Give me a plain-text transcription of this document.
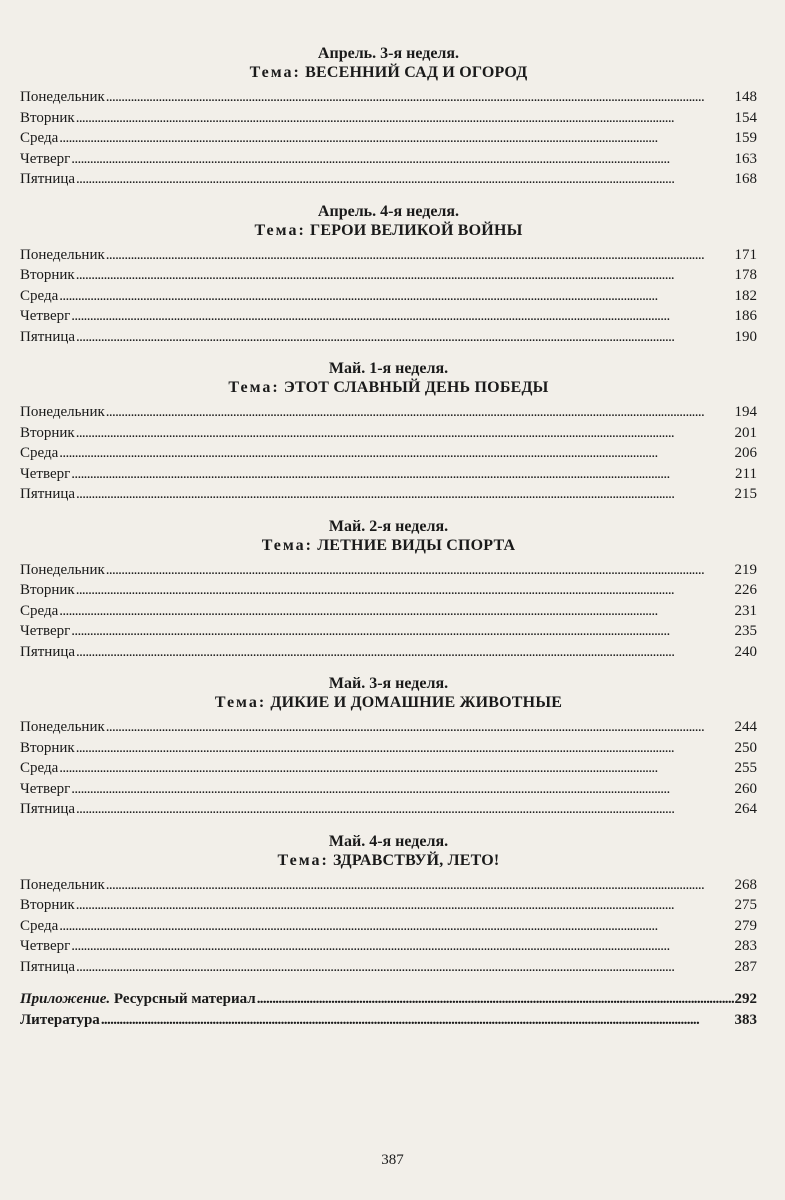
Апрель. 3-я неделя.
Тема: ВЕСЕННИЙ САД И ОГОРОД
Понедельник . . .	148
Вторник . . .	154
Среда . . .	159
Четверг . . .	163
Пятница . . .	168
Апрель. 4-я неделя.
Тема: ГЕРОИ ВЕЛИКОЙ ВОЙНЫ
Понедельник . . .	171
Вторник . . .	178
Среда . . .	182
Четверг . . .	186
Пятница . . .	190
Май. 1-я неделя.
Тема: ЭТОТ СЛАВНЫЙ ДЕНЬ ПОБЕДЫ
Понедельник . . .	194
Вторник . . .	201
Среда . . .	206
Четверг . . .	211
Пятница . . .	215
Май. 2-я неделя.
Тема: ЛЕТНИЕ ВИДЫ СПОРТА
Понедельник . . .	219
Вторник . . .	226
Среда . . .	231
Четверг . . .	235
Пятница . . .	240
Май. 3-я неделя.
Тема: ДИКИЕ И ДОМАШНИЕ ЖИВОТНЫЕ
Понедельник . . .	244
Вторник . . .	250
Среда . . .	255
Четверг . . .	260
Пятница . . .	264
Май. 4-я неделя.
Тема: ЗДРАВСТВУЙ, ЛЕТО!
Понедельник . . .	268
Вторник . . .	275
Среда . . .	279
Четверг . . .	283
Пятница . . .	287
Приложение. Ресурсный материал . . .	292
Литература . . .	383
387
